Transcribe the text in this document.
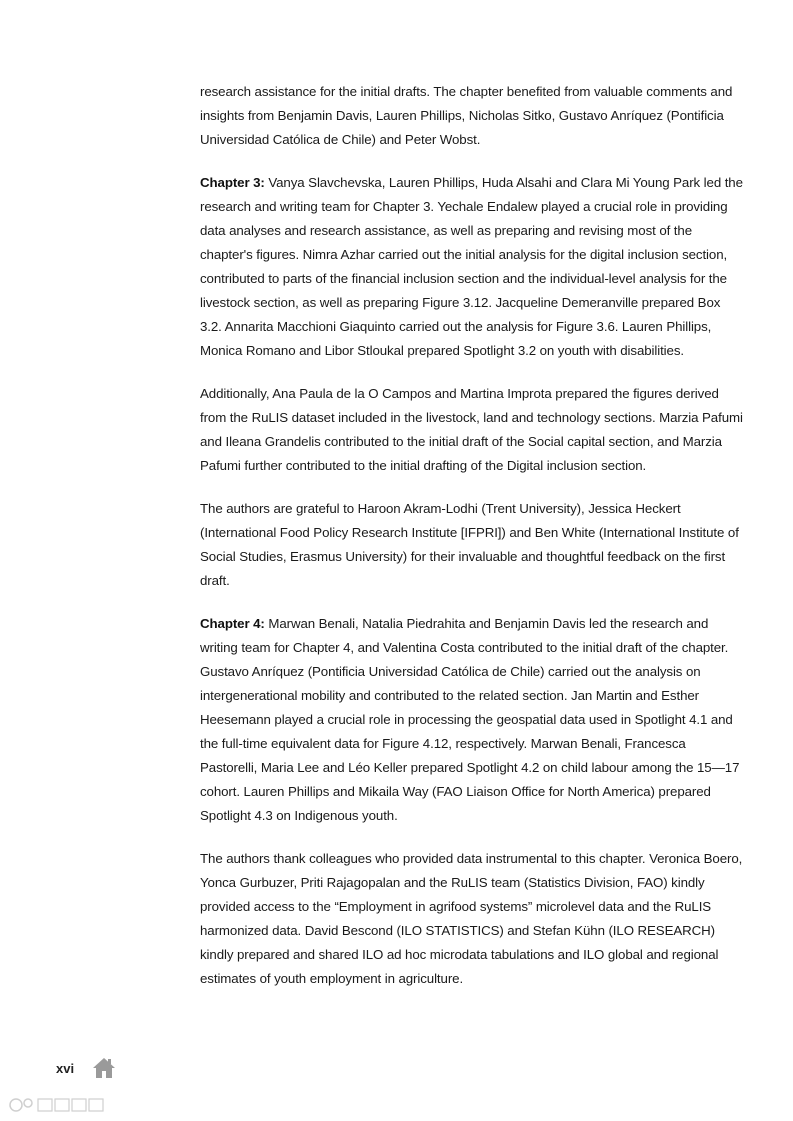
research assistance for the initial drafts. The chapter benefited from valuable comments and insights from Benjamin Davis, Lauren Phillips, Nicholas Sitko, Gustavo Anríquez (Pontificia Universidad Católica de Chile) and Peter Wobst.

Chapter 3: Vanya Slavchevska, Lauren Phillips, Huda Alsahi and Clara Mi Young Park led the research and writing team for Chapter 3. Yechale Endalew played a crucial role in providing data analyses and research assistance, as well as preparing and revising most of the chapter's figures. Nimra Azhar carried out the initial analysis for the digital inclusion section, contributed to parts of the financial inclusion section and the individual-level analysis for the livestock section, as well as preparing Figure 3.12. Jacqueline Demeranville prepared Box 3.2. Annarita Macchioni Giaquinto carried out the analysis for Figure 3.6. Lauren Phillips, Monica Romano and Libor Stloukal prepared Spotlight 3.2 on youth with disabilities.

Additionally, Ana Paula de la O Campos and Martina Improta prepared the figures derived from the RuLIS dataset included in the livestock, land and technology sections. Marzia Pafumi and Ileana Grandelis contributed to the initial draft of the Social capital section, and Marzia Pafumi further contributed to the initial drafting of the Digital inclusion section.

The authors are grateful to Haroon Akram-Lodhi (Trent University), Jessica Heckert (International Food Policy Research Institute [IFPRI]) and Ben White (International Institute of Social Studies, Erasmus University) for their invaluable and thoughtful feedback on the first draft.

Chapter 4: Marwan Benali, Natalia Piedrahita and Benjamin Davis led the research and writing team for Chapter 4, and Valentina Costa contributed to the initial draft of the chapter. Gustavo Anríquez (Pontificia Universidad Católica de Chile) carried out the analysis on intergenerational mobility and contributed to the related section. Jan Martin and Esther Heesemann played a crucial role in processing the geospatial data used in Spotlight 4.1 and the full-time equivalent data for Figure 4.12, respectively. Marwan Benali, Francesca Pastorelli, Maria Lee and Léo Keller prepared Spotlight 4.2 on child labour among the 15—17 cohort. Lauren Phillips and Mikaila Way (FAO Liaison Office for North America) prepared Spotlight 4.3 on Indigenous youth.

The authors thank colleagues who provided data instrumental to this chapter. Veronica Boero, Yonca Gurbuzer, Priti Rajagopalan and the RuLIS team (Statistics Division, FAO) kindly provided access to the “Employment in agrifood systems” microlevel data and the RuLIS harmonized data. David Bescond (ILO STATISTICS) and Stefan Kühn (ILO RESEARCH) kindly prepared and shared ILO ad hoc microdata tabulations and ILO global and regional estimates of youth employment in agriculture.

xvi
